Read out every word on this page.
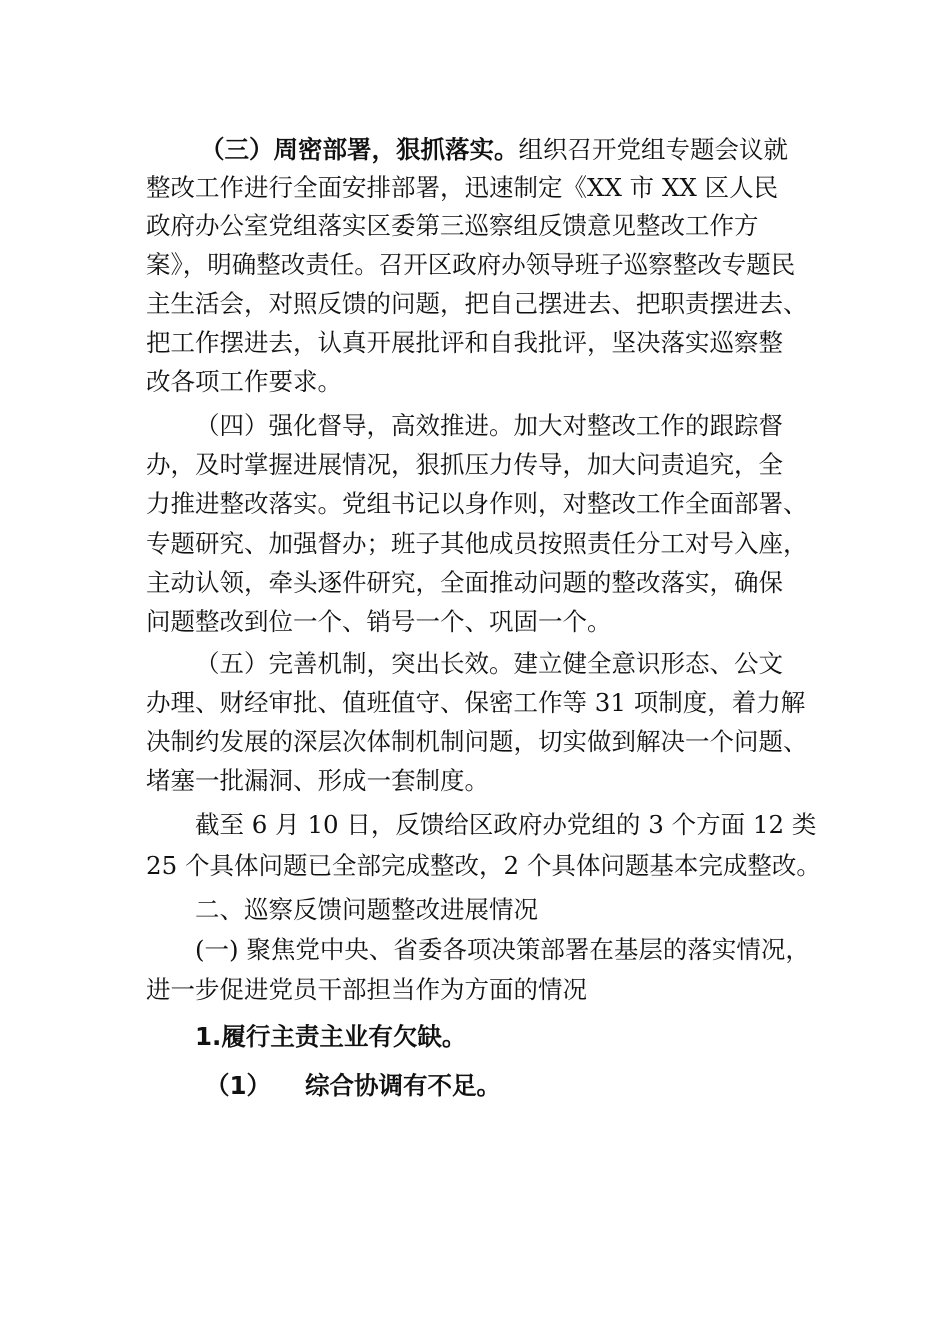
（三）周密部署，狠抓落实。组织召开党组专题会议就
整改工作进行全面安排部署，迅速制定《XX 市 XX 区人民
政府办公室党组落实区委第三巡察组反馈意见整改工作方
案》，明确整改责任。召开区政府办领导班子巡察整改专题民
主生活会，对照反馈的问题，把自己摆进去、把职责摆进去、
把工作摆进去，认真开展批评和自我批评，坚决落实巡察整
改各项工作要求。
（四）强化督导，高效推进。加大对整改工作的跟踪督
办，及时掌握进展情况，狠抓压力传导，加大问责追究，全
力推进整改落实。党组书记以身作则，对整改工作全面部署、
专题研究、加强督办；班子其他成员按照责任分工对号入座，
主动认领，牵头逐件研究，全面推动问题的整改落实，确保
问题整改到位一个、销号一个、巩固一个。
（五）完善机制，突出长效。建立健全意识形态、公文
办理、财经审批、值班值守、保密工作等 31 项制度，着力解
决制约发展的深层次体制机制问题，切实做到解决一个问题、
堵塞一批漏洞、形成一套制度。
截至 6 月 10 日，反馈给区政府办党组的 3 个方面 12 类
25 个具体问题已全部完成整改，2 个具体问题基本完成整改。
二、巡察反馈问题整改进展情况
(一) 聚焦党中央、省委各项决策部署在基层的落实情况，
进一步促进党员干部担当作为方面的情况
1.履行主责主业有欠缺。
（1） 综合协调有不足。
